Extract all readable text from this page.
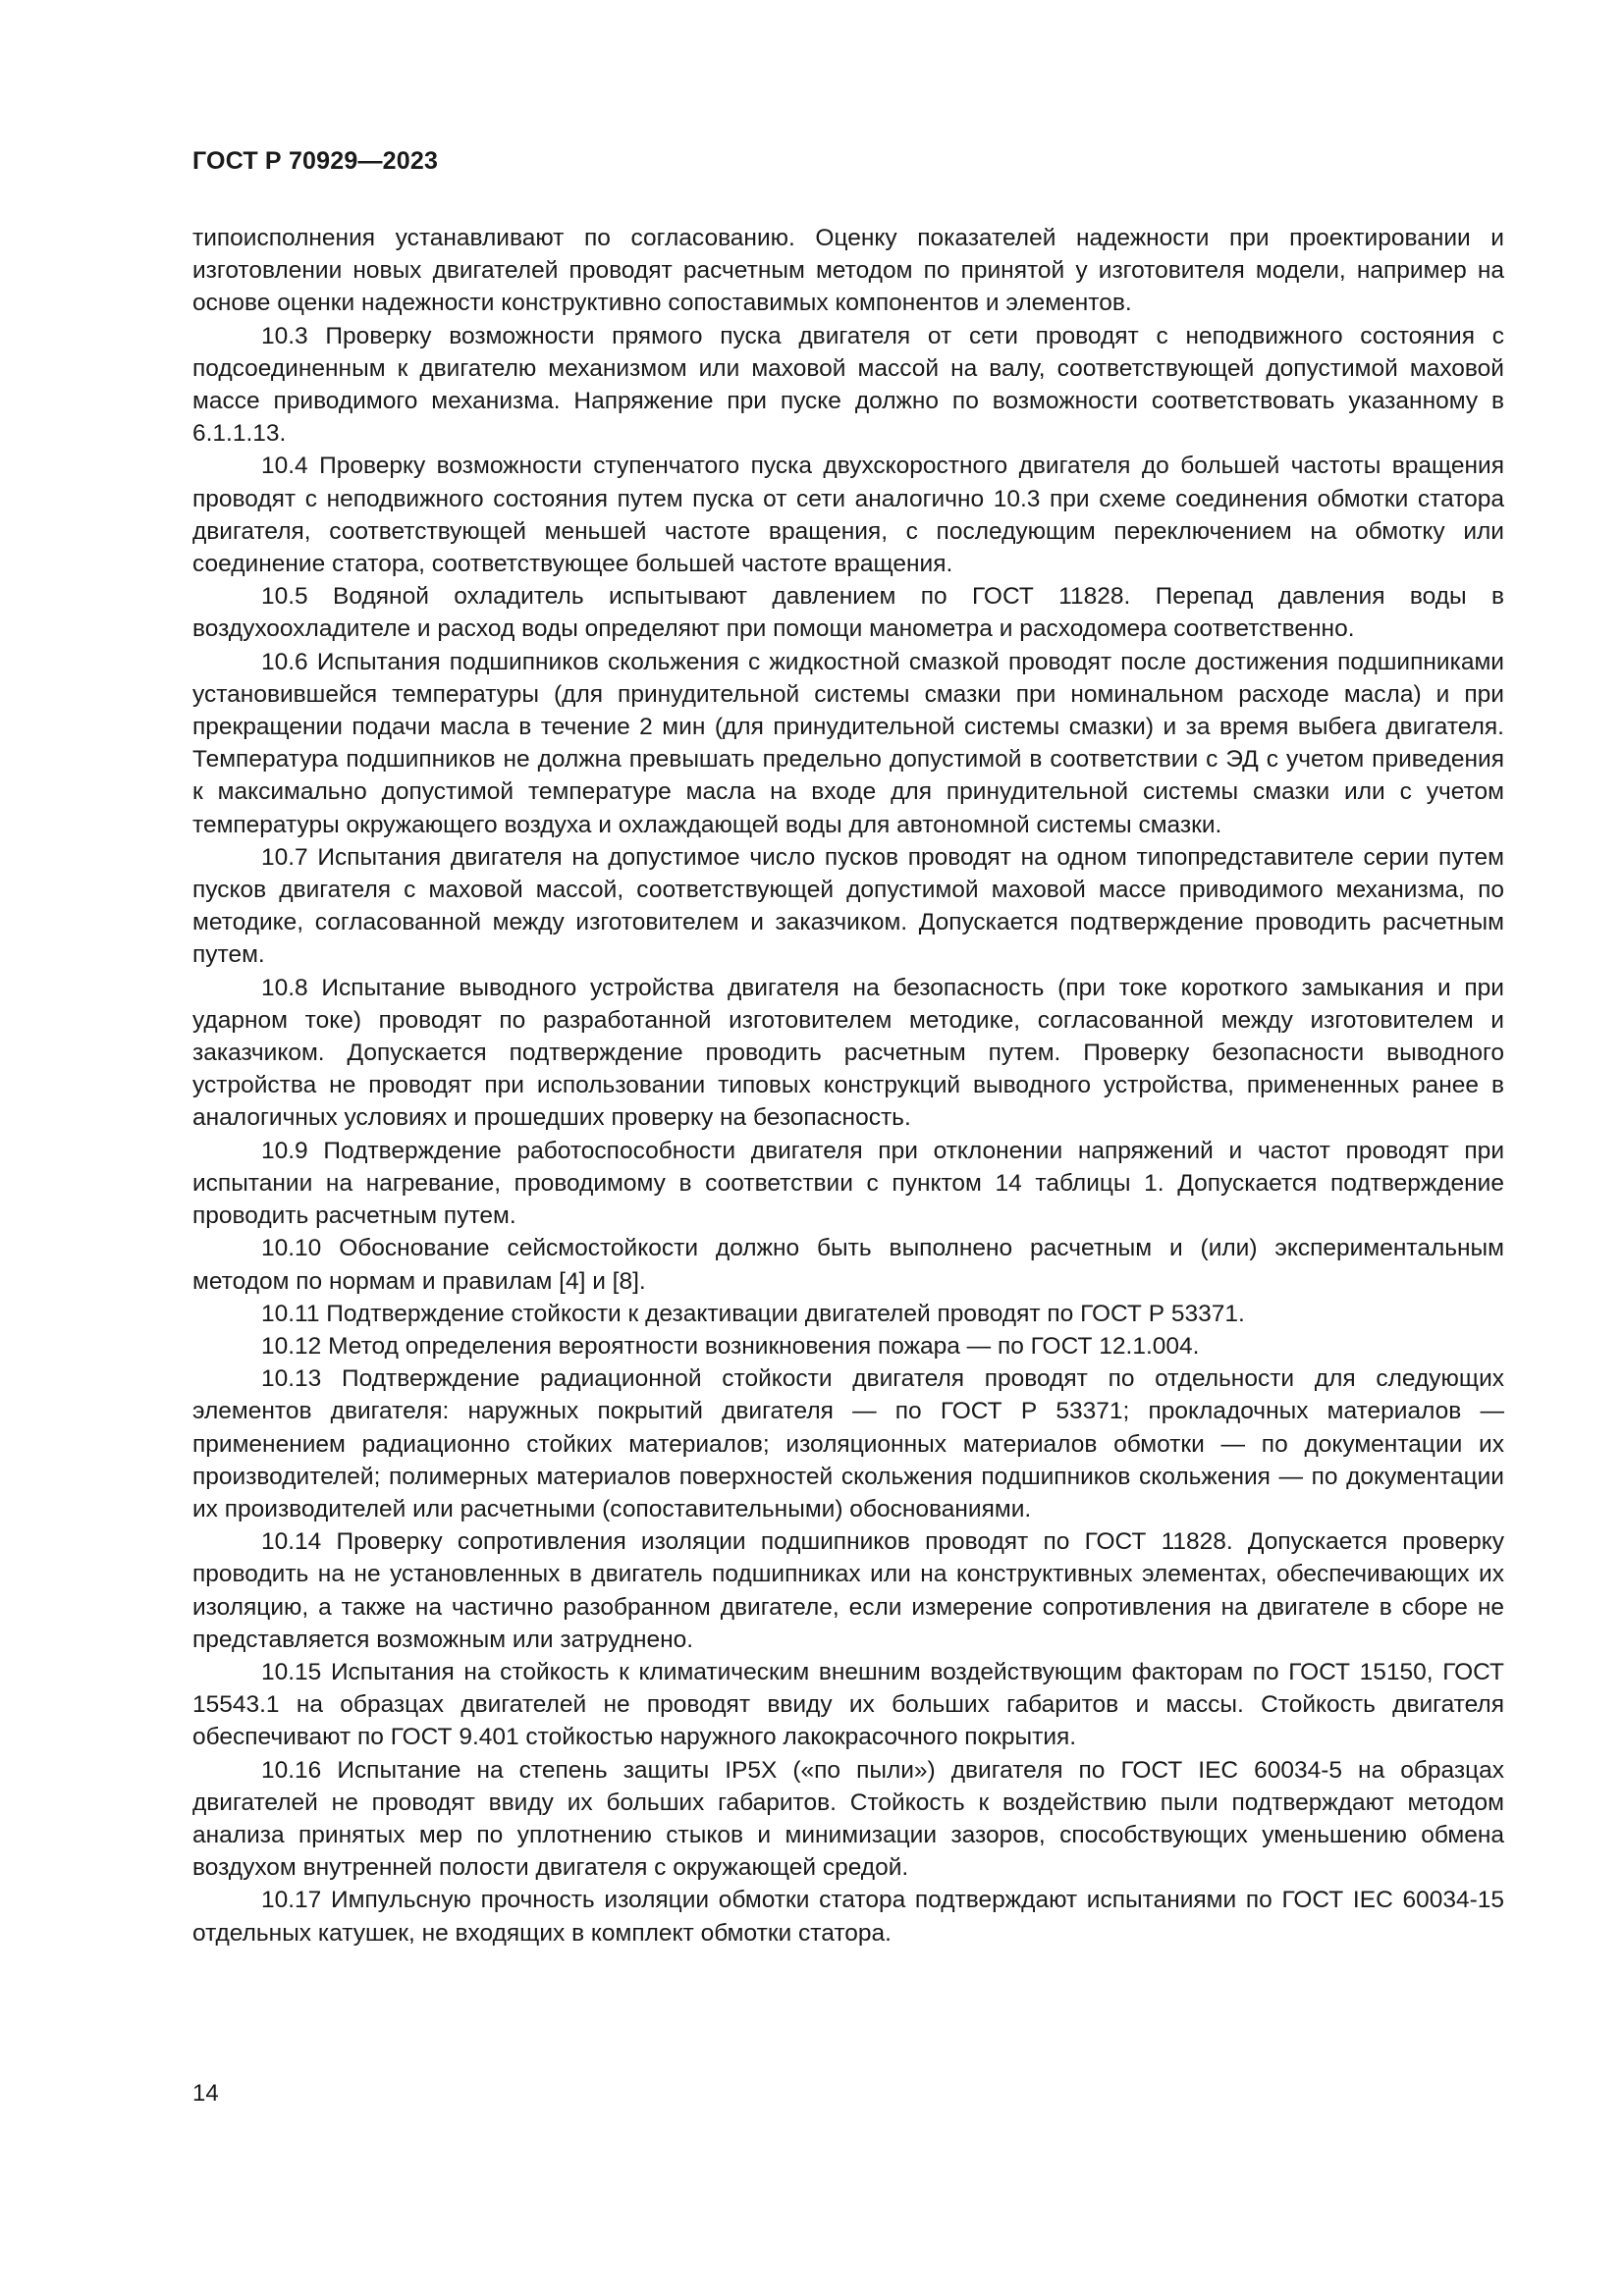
ГОСТ Р 70929—2023

типоисполнения устанавливают по согласованию. Оценку показателей надежности при проектировании и изготовлении новых двигателей проводят расчетным методом по принятой у изготовителя модели, например на основе оценки надежности конструктивно сопоставимых компонентов и элементов.

10.3 Проверку возможности прямого пуска двигателя от сети проводят с неподвижного состояния с подсоединенным к двигателю механизмом или маховой массой на валу, соответствующей допустимой маховой массе приводимого механизма. Напряжение при пуске должно по возможности соответствовать указанному в 6.1.1.13.

10.4 Проверку возможности ступенчатого пуска двухскоростного двигателя до большей частоты вращения проводят с неподвижного состояния путем пуска от сети аналогично 10.3 при схеме соединения обмотки статора двигателя, соответствующей меньшей частоте вращения, с последующим переключением на обмотку или соединение статора, соответствующее большей частоте вращения.

10.5 Водяной охладитель испытывают давлением по ГОСТ 11828. Перепад давления воды в воздухоохладителе и расход воды определяют при помощи манометра и расходомера соответственно.

10.6 Испытания подшипников скольжения с жидкостной смазкой проводят после достижения подшипниками установившейся температуры (для принудительной системы смазки при номинальном расходе масла) и при прекращении подачи масла в течение 2 мин (для принудительной системы смазки) и за время выбега двигателя. Температура подшипников не должна превышать предельно допустимой в соответствии с ЭД с учетом приведения к максимально допустимой температуре масла на входе для принудительной системы смазки или с учетом температуры окружающего воздуха и охлаждающей воды для автономной системы смазки.

10.7 Испытания двигателя на допустимое число пусков проводят на одном типопредставителе серии путем пусков двигателя с маховой массой, соответствующей допустимой маховой массе приводимого механизма, по методике, согласованной между изготовителем и заказчиком. Допускается подтверждение проводить расчетным путем.

10.8 Испытание выводного устройства двигателя на безопасность (при токе короткого замыкания и при ударном токе) проводят по разработанной изготовителем методике, согласованной между изготовителем и заказчиком. Допускается подтверждение проводить расчетным путем. Проверку безопасности выводного устройства не проводят при использовании типовых конструкций выводного устройства, примененных ранее в аналогичных условиях и прошедших проверку на безопасность.

10.9 Подтверждение работоспособности двигателя при отклонении напряжений и частот проводят при испытании на нагревание, проводимому в соответствии с пунктом 14 таблицы 1. Допускается подтверждение проводить расчетным путем.

10.10 Обоснование сейсмостойкости должно быть выполнено расчетным и (или) экспериментальным методом по нормам и правилам [4] и [8].

10.11 Подтверждение стойкости к дезактивации двигателей проводят по ГОСТ Р 53371.

10.12 Метод определения вероятности возникновения пожара — по ГОСТ 12.1.004.

10.13 Подтверждение радиационной стойкости двигателя проводят по отдельности для следующих элементов двигателя: наружных покрытий двигателя — по ГОСТ Р 53371; прокладочных материалов — применением радиационно стойких материалов; изоляционных материалов обмотки — по документации их производителей; полимерных материалов поверхностей скольжения подшипников скольжения — по документации их производителей или расчетными (сопоставительными) обоснованиями.

10.14 Проверку сопротивления изоляции подшипников проводят по ГОСТ 11828. Допускается проверку проводить на не установленных в двигатель подшипниках или на конструктивных элементах, обеспечивающих их изоляцию, а также на частично разобранном двигателе, если измерение сопротивления на двигателе в сборе не представляется возможным или затруднено.

10.15 Испытания на стойкость к климатическим внешним воздействующим факторам по ГОСТ 15150, ГОСТ 15543.1 на образцах двигателей не проводят ввиду их больших габаритов и массы. Стойкость двигателя обеспечивают по ГОСТ 9.401 стойкостью наружного лакокрасочного покрытия.

10.16 Испытание на степень защиты IP5X («по пыли») двигателя по ГОСТ IEC 60034-5 на образцах двигателей не проводят ввиду их больших габаритов. Стойкость к воздействию пыли подтверждают методом анализа принятых мер по уплотнению стыков и минимизации зазоров, способствующих уменьшению обмена воздухом внутренней полости двигателя с окружающей средой.

10.17 Импульсную прочность изоляции обмотки статора подтверждают испытаниями по ГОСТ IEC 60034-15 отдельных катушек, не входящих в комплект обмотки статора.

14
